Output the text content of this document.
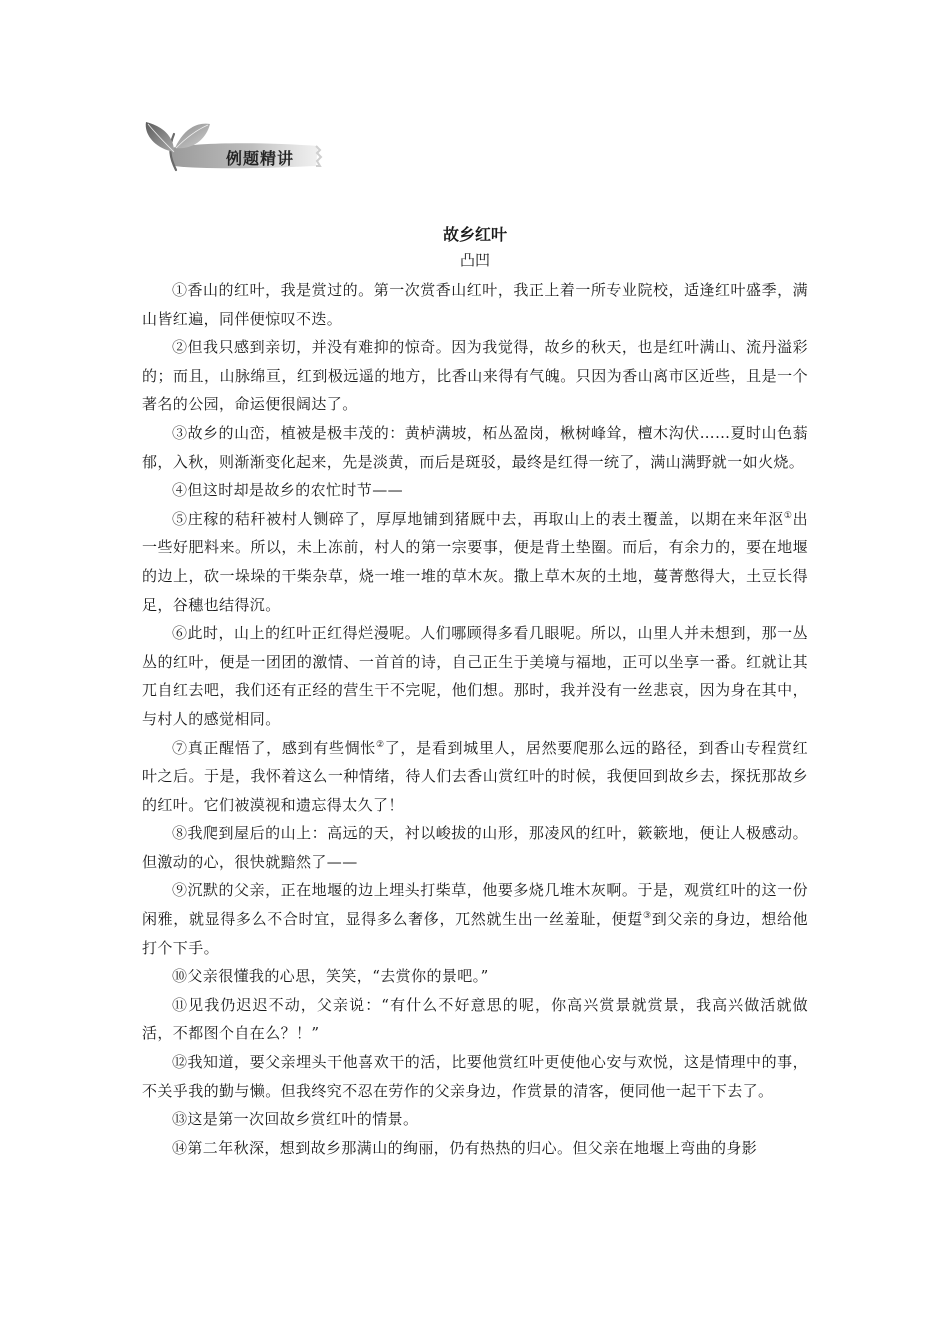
例题精讲

故乡红叶

凸凹

①香山的红叶，我是赏过的。第一次赏香山红叶，我正上着一所专业院校，适逢红叶盛季，满山皆红遍，同伴便惊叹不迭。

②但我只感到亲切，并没有难抑的惊奇。因为我觉得，故乡的秋天，也是红叶满山、流丹溢彩的；而且，山脉绵亘，红到极远遥的地方，比香山来得有气魄。只因为香山离市区近些，且是一个著名的公园，命运便很阔达了。

③故乡的山峦，植被是极丰茂的：黄栌满坡，柘丛盈岗，楸树峰耸，檀木沟伏……夏时山色蓊郁，入秋，则渐渐变化起来，先是淡黄，而后是斑驳，最终是红得一统了，满山满野就一如火烧。

④但这时却是故乡的农忙时节——

⑤庄稼的秸秆被村人铡碎了，厚厚地铺到猪厩中去，再取山上的表土覆盖，以期在来年沤①出一些好肥料来。所以，未上冻前，村人的第一宗要事，便是背土垫圈。而后，有余力的，要在地堰的边上，砍一垛垛的干柴杂草，烧一堆一堆的草木灰。撒上草木灰的土地，蔓菁憋得大，土豆长得足，谷穗也结得沉。

⑥此时，山上的红叶正红得烂漫呢。人们哪顾得多看几眼呢。所以，山里人并未想到，那一丛丛的红叶，便是一团团的激情、一首首的诗，自己正生于美境与福地，正可以坐享一番。红就让其兀自红去吧，我们还有正经的营生干不完呢，他们想。那时，我并没有一丝悲哀，因为身在其中，与村人的感觉相同。

⑦真正醒悟了，感到有些惆怅②了，是看到城里人，居然要爬那么远的路径，到香山专程赏红叶之后。于是，我怀着这么一种情绪，待人们去香山赏红叶的时候，我便回到故乡去，探抚那故乡的红叶。它们被漠视和遗忘得太久了！

⑧我爬到屋后的山上：高远的天，衬以峻拔的山形，那凌风的红叶，簌簌地，便让人极感动。但激动的心，很快就黯然了——

⑨沉默的父亲，正在地堰的边上埋头打柴草，他要多烧几堆木灰啊。于是，观赏红叶的这一份闲雅，就显得多么不合时宜，显得多么奢侈，兀然就生出一丝羞耻，便踅③到父亲的身边，想给他打个下手。

⑩父亲很懂我的心思，笑笑，“去赏你的景吧。”

⑪见我仍迟迟不动，父亲说：“有什么不好意思的呢，你高兴赏景就赏景，我高兴做活就做活，不都图个自在么？！”

⑫我知道，要父亲埋头干他喜欢干的活，比要他赏红叶更使他心安与欢悦，这是情理中的事，不关乎我的勤与懒。但我终究不忍在劳作的父亲身边，作赏景的清客，便同他一起干下去了。

⑬这是第一次回故乡赏红叶的情景。

⑭第二年秋深，想到故乡那满山的绚丽，仍有热热的归心。但父亲在地堰上弯曲的身影
